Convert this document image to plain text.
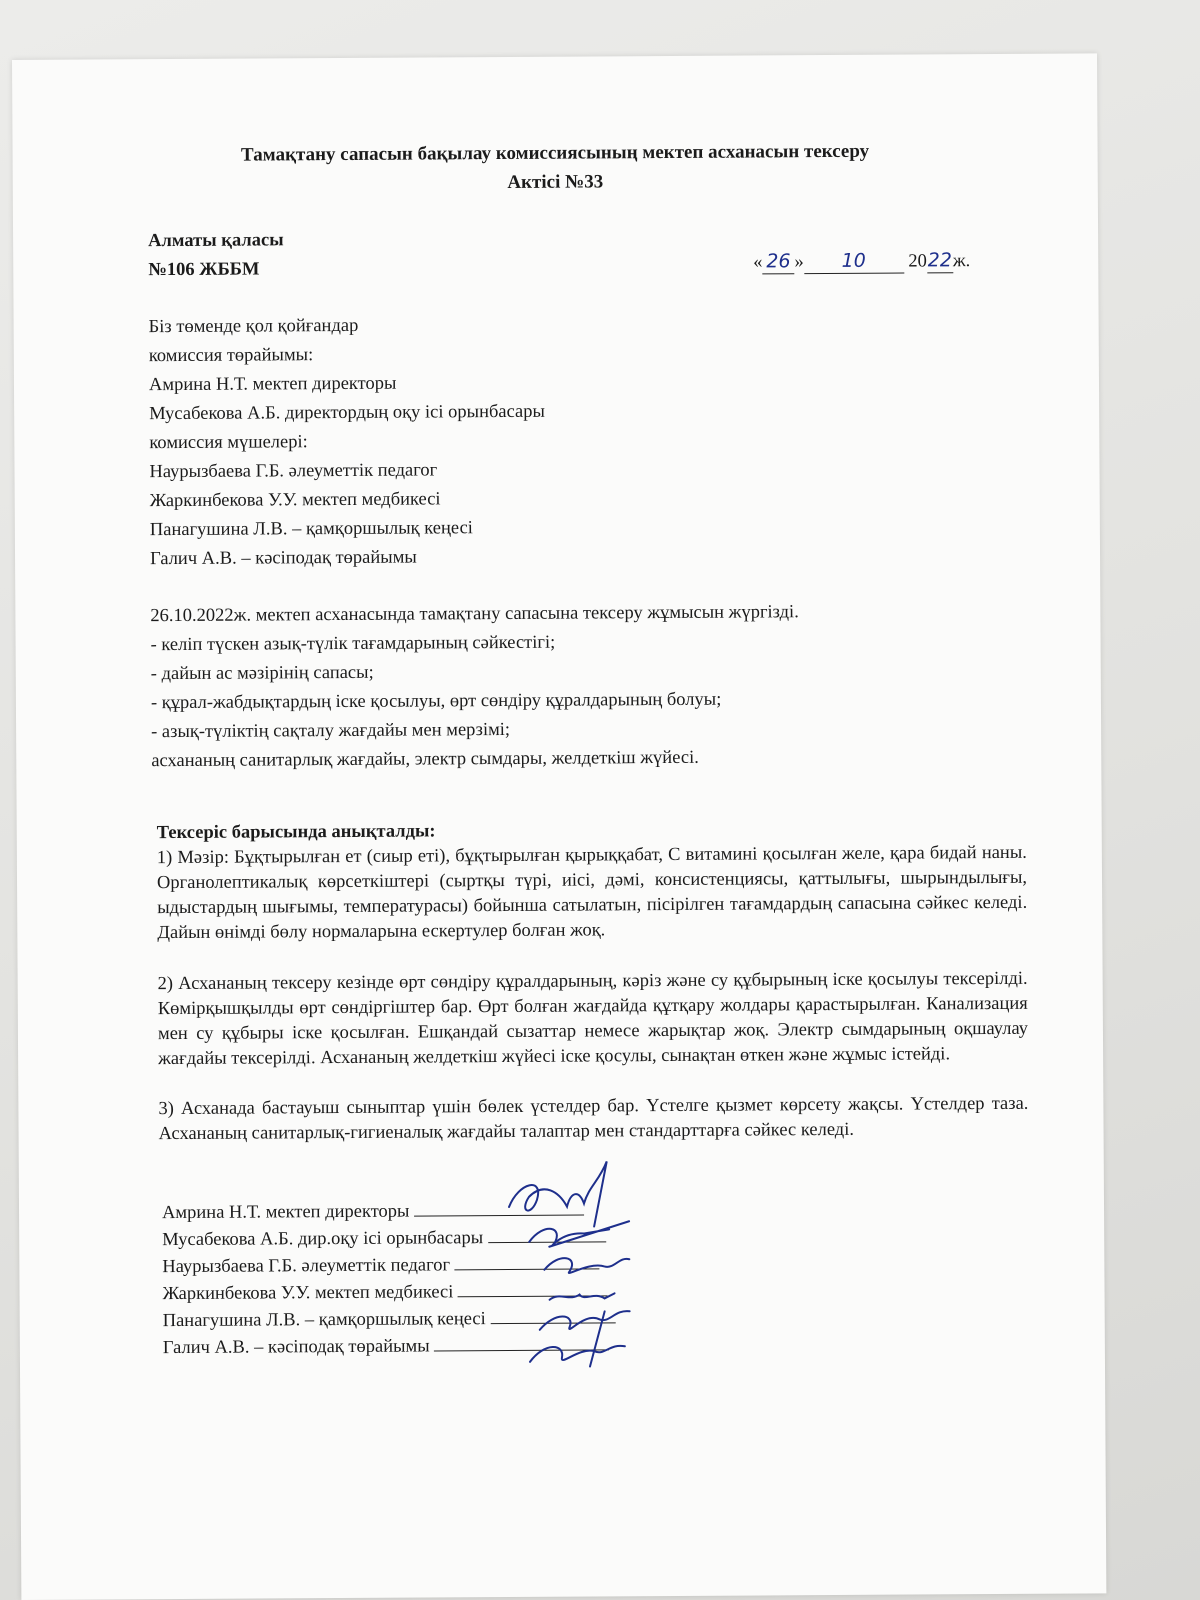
Тамақтану сапасын бақылау комиссиясының мектеп асханасын тексеру
Актісі №33
Алматы қаласы
№106 ЖББМ	« 26 » 10 2022ж.
Біз төменде қол қойғандар
комиссия төрайымы:
Амрина Н.Т. мектеп директоры
Мусабекова А.Б. директордың оқу ісі орынбасары
комиссия мүшелері:
Наурызбаева Г.Б. әлеуметтік педагог
Жаркинбекова У.У. мектеп медбикесі
Панагушина Л.В. – қамқоршылық кеңесі
Галич А.В. – кәсіподақ төрайымы
26.10.2022ж. мектеп асханасында тамақтану сапасына тексеру жұмысын жүргізді.
- келіп түскен азық-түлік тағамдарының сәйкестігі;
- дайын ас мәзірінің сапасы;
- құрал-жабдықтардың іске қосылуы, өрт сөндіру құралдарының болуы;
- азық-түліктің сақталу жағдайы мен мерзімі;
асхананың санитарлық жағдайы, электр сымдары, желдеткіш жүйесі.
Тексеріс барысында анықталды:
1) Мәзір: Бұқтырылған ет (сиыр еті), бұқтырылған қырыққабат, С витамині қосылған желе, қара бидай наны. Органолептикалық көрсеткіштері (сыртқы түрі, иісі, дәмі, консистенциясы, қаттылығы, шырындылығы, ыдыстардың шығымы, температурасы) бойынша сатылатын, пісірілген тағамдардың сапасына сәйкес келеді. Дайын өнімді бөлу нормаларына ескертулер болған жоқ.
2) Асхананың тексеру кезінде өрт сөндіру құралдарының, кәріз және су құбырының іске қосылуы тексерілді. Көмірқышқылды өрт сөндіргіштер бар. Өрт болған жағдайда құтқару жолдары қарастырылған. Канализация мен су құбыры іске қосылған. Ешқандай сызаттар немесе жарықтар жоқ. Электр сымдарының оқшаулау жағдайы тексерілді. Асхананың желдеткіш жүйесі іске қосулы, сынақтан өткен және жұмыс істейді.
3) Асханада бастауыш сыныптар үшін бөлек үстелдер бар. Үстелге қызмет көрсету жақсы. Үстелдер таза. Асхананың санитарлық-гигиеналық жағдайы талаптар мен стандарттарға сәйкес келеді.
Амрина Н.Т. мектеп директоры
Мусабекова А.Б. дир.оқу ісі орынбасары
Наурызбаева Г.Б. әлеуметтік педагог
Жаркинбекова У.У. мектеп медбикесі
Панагушина Л.В. – қамқоршылық кеңесі
Галич А.В. – кәсіподақ төрайымы
